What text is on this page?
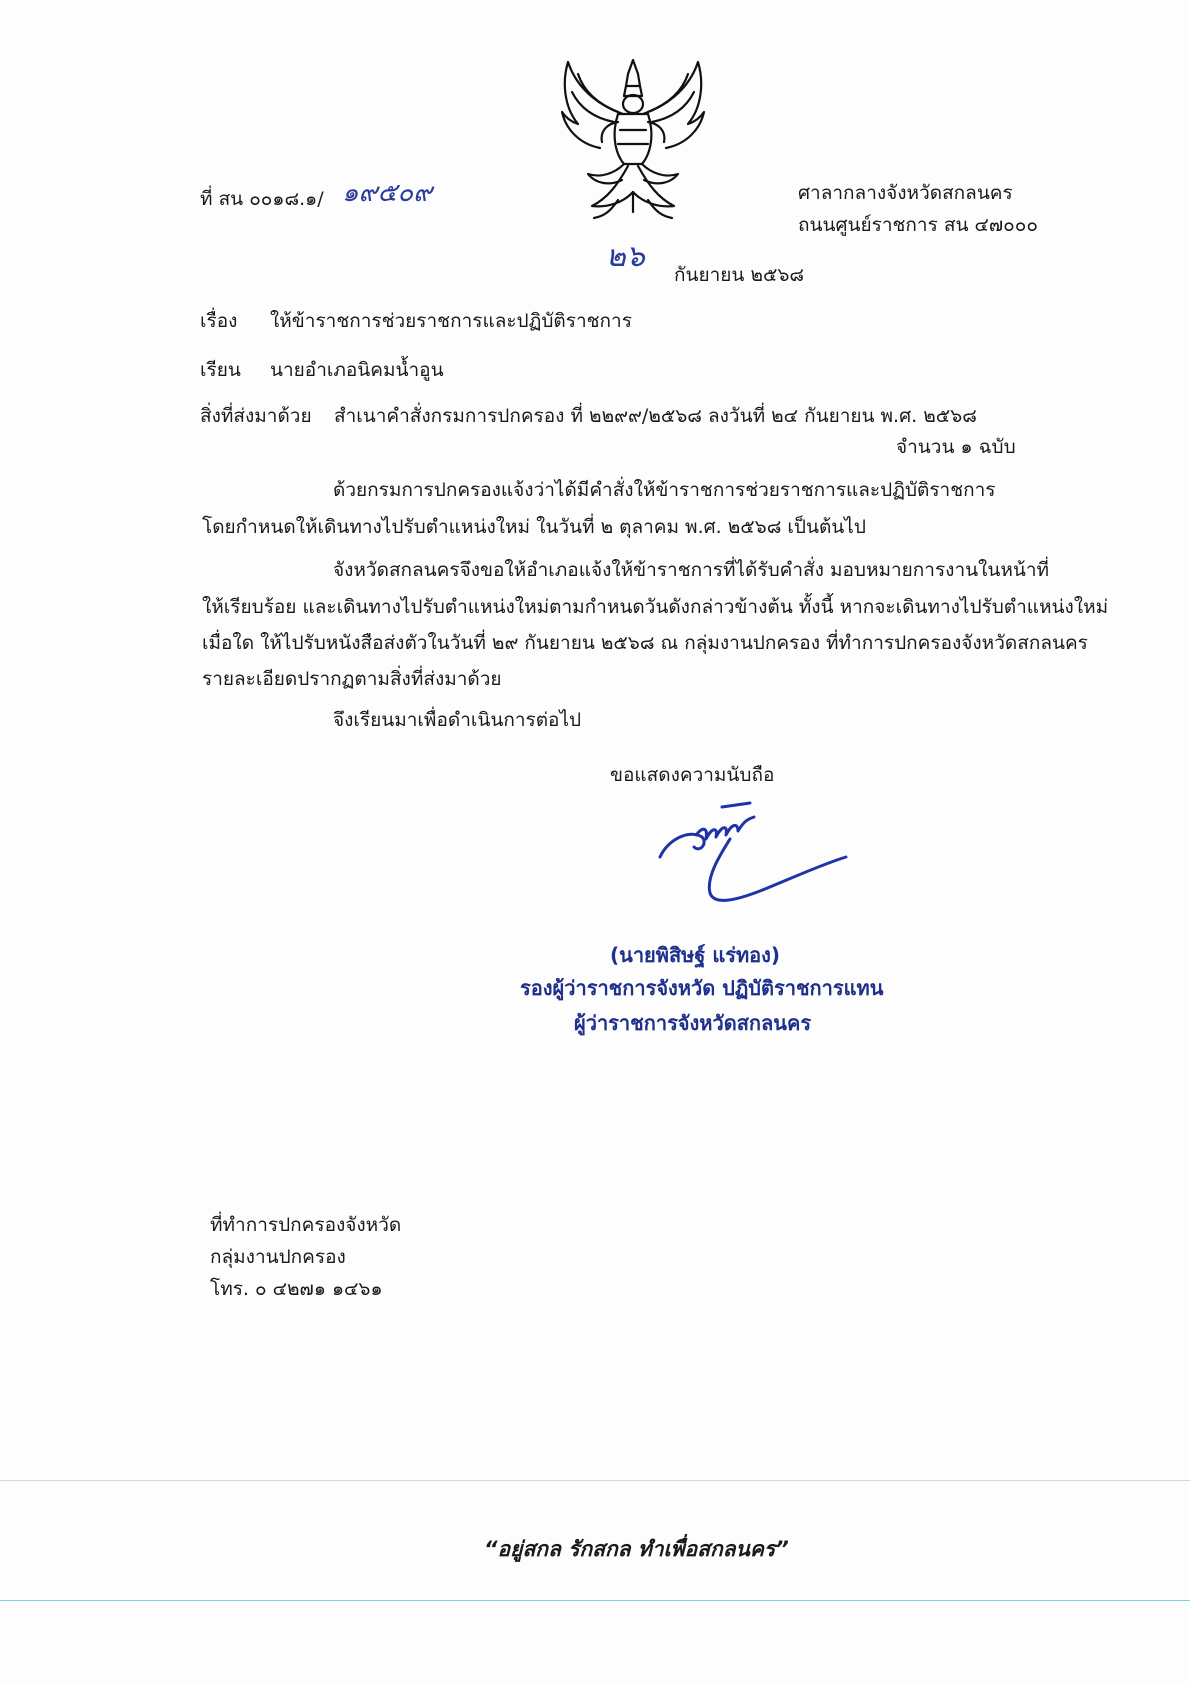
ที่ สน ๐๐๑๘.๑/ ๑๙๕๐๙	ศาลากลางจังหวัดสกลนคร
ถนนศูนย์ราชการ สน ๔๗๐๐๐
๒๖
กันยายน ๒๕๖๘
เรื่อง ให้ข้าราชการช่วยราชการและปฏิบัติราชการ
เรียน นายอำเภอนิคมน้ำอูน
สิ่งที่ส่งมาด้วย สำเนาคำสั่งกรมการปกครอง ที่ ๒๒๙๙/๒๕๖๘ ลงวันที่ ๒๔ กันยายน พ.ศ. ๒๕๖๘
จำนวน ๑ ฉบับ
ด้วยกรมการปกครองแจ้งว่าได้มีคำสั่งให้ข้าราชการช่วยราชการและปฏิบัติราชการ
โดยกำหนดให้เดินทางไปรับตำแหน่งใหม่ ในวันที่ ๒ ตุลาคม พ.ศ. ๒๕๖๘ เป็นต้นไป
จังหวัดสกลนครจึงขอให้อำเภอแจ้งให้ข้าราชการที่ได้รับคำสั่ง มอบหมายการงานในหน้าที่
ให้เรียบร้อย และเดินทางไปรับตำแหน่งใหม่ตามกำหนดวันดังกล่าวข้างต้น ทั้งนี้ หากจะเดินทางไปรับตำแหน่งใหม่
เมื่อใด ให้ไปรับหนังสือส่งตัวในวันที่ ๒๙ กันยายน ๒๕๖๘ ณ กลุ่มงานปกครอง ที่ทำการปกครองจังหวัดสกลนคร
รายละเอียดปรากฏตามสิ่งที่ส่งมาด้วย
จึงเรียนมาเพื่อดำเนินการต่อไป
ขอแสดงความนับถือ
(นายพิสิษฐ์ แร่ทอง)
รองผู้ว่าราชการจังหวัด ปฏิบัติราชการแทน
ผู้ว่าราชการจังหวัดสกลนคร
ที่ทำการปกครองจังหวัด
กลุ่มงานปกครอง
โทร. ๐ ๔๒๗๑ ๑๔๖๑
“อยู่สกล รักสกล ทำเพื่อสกลนคร”
